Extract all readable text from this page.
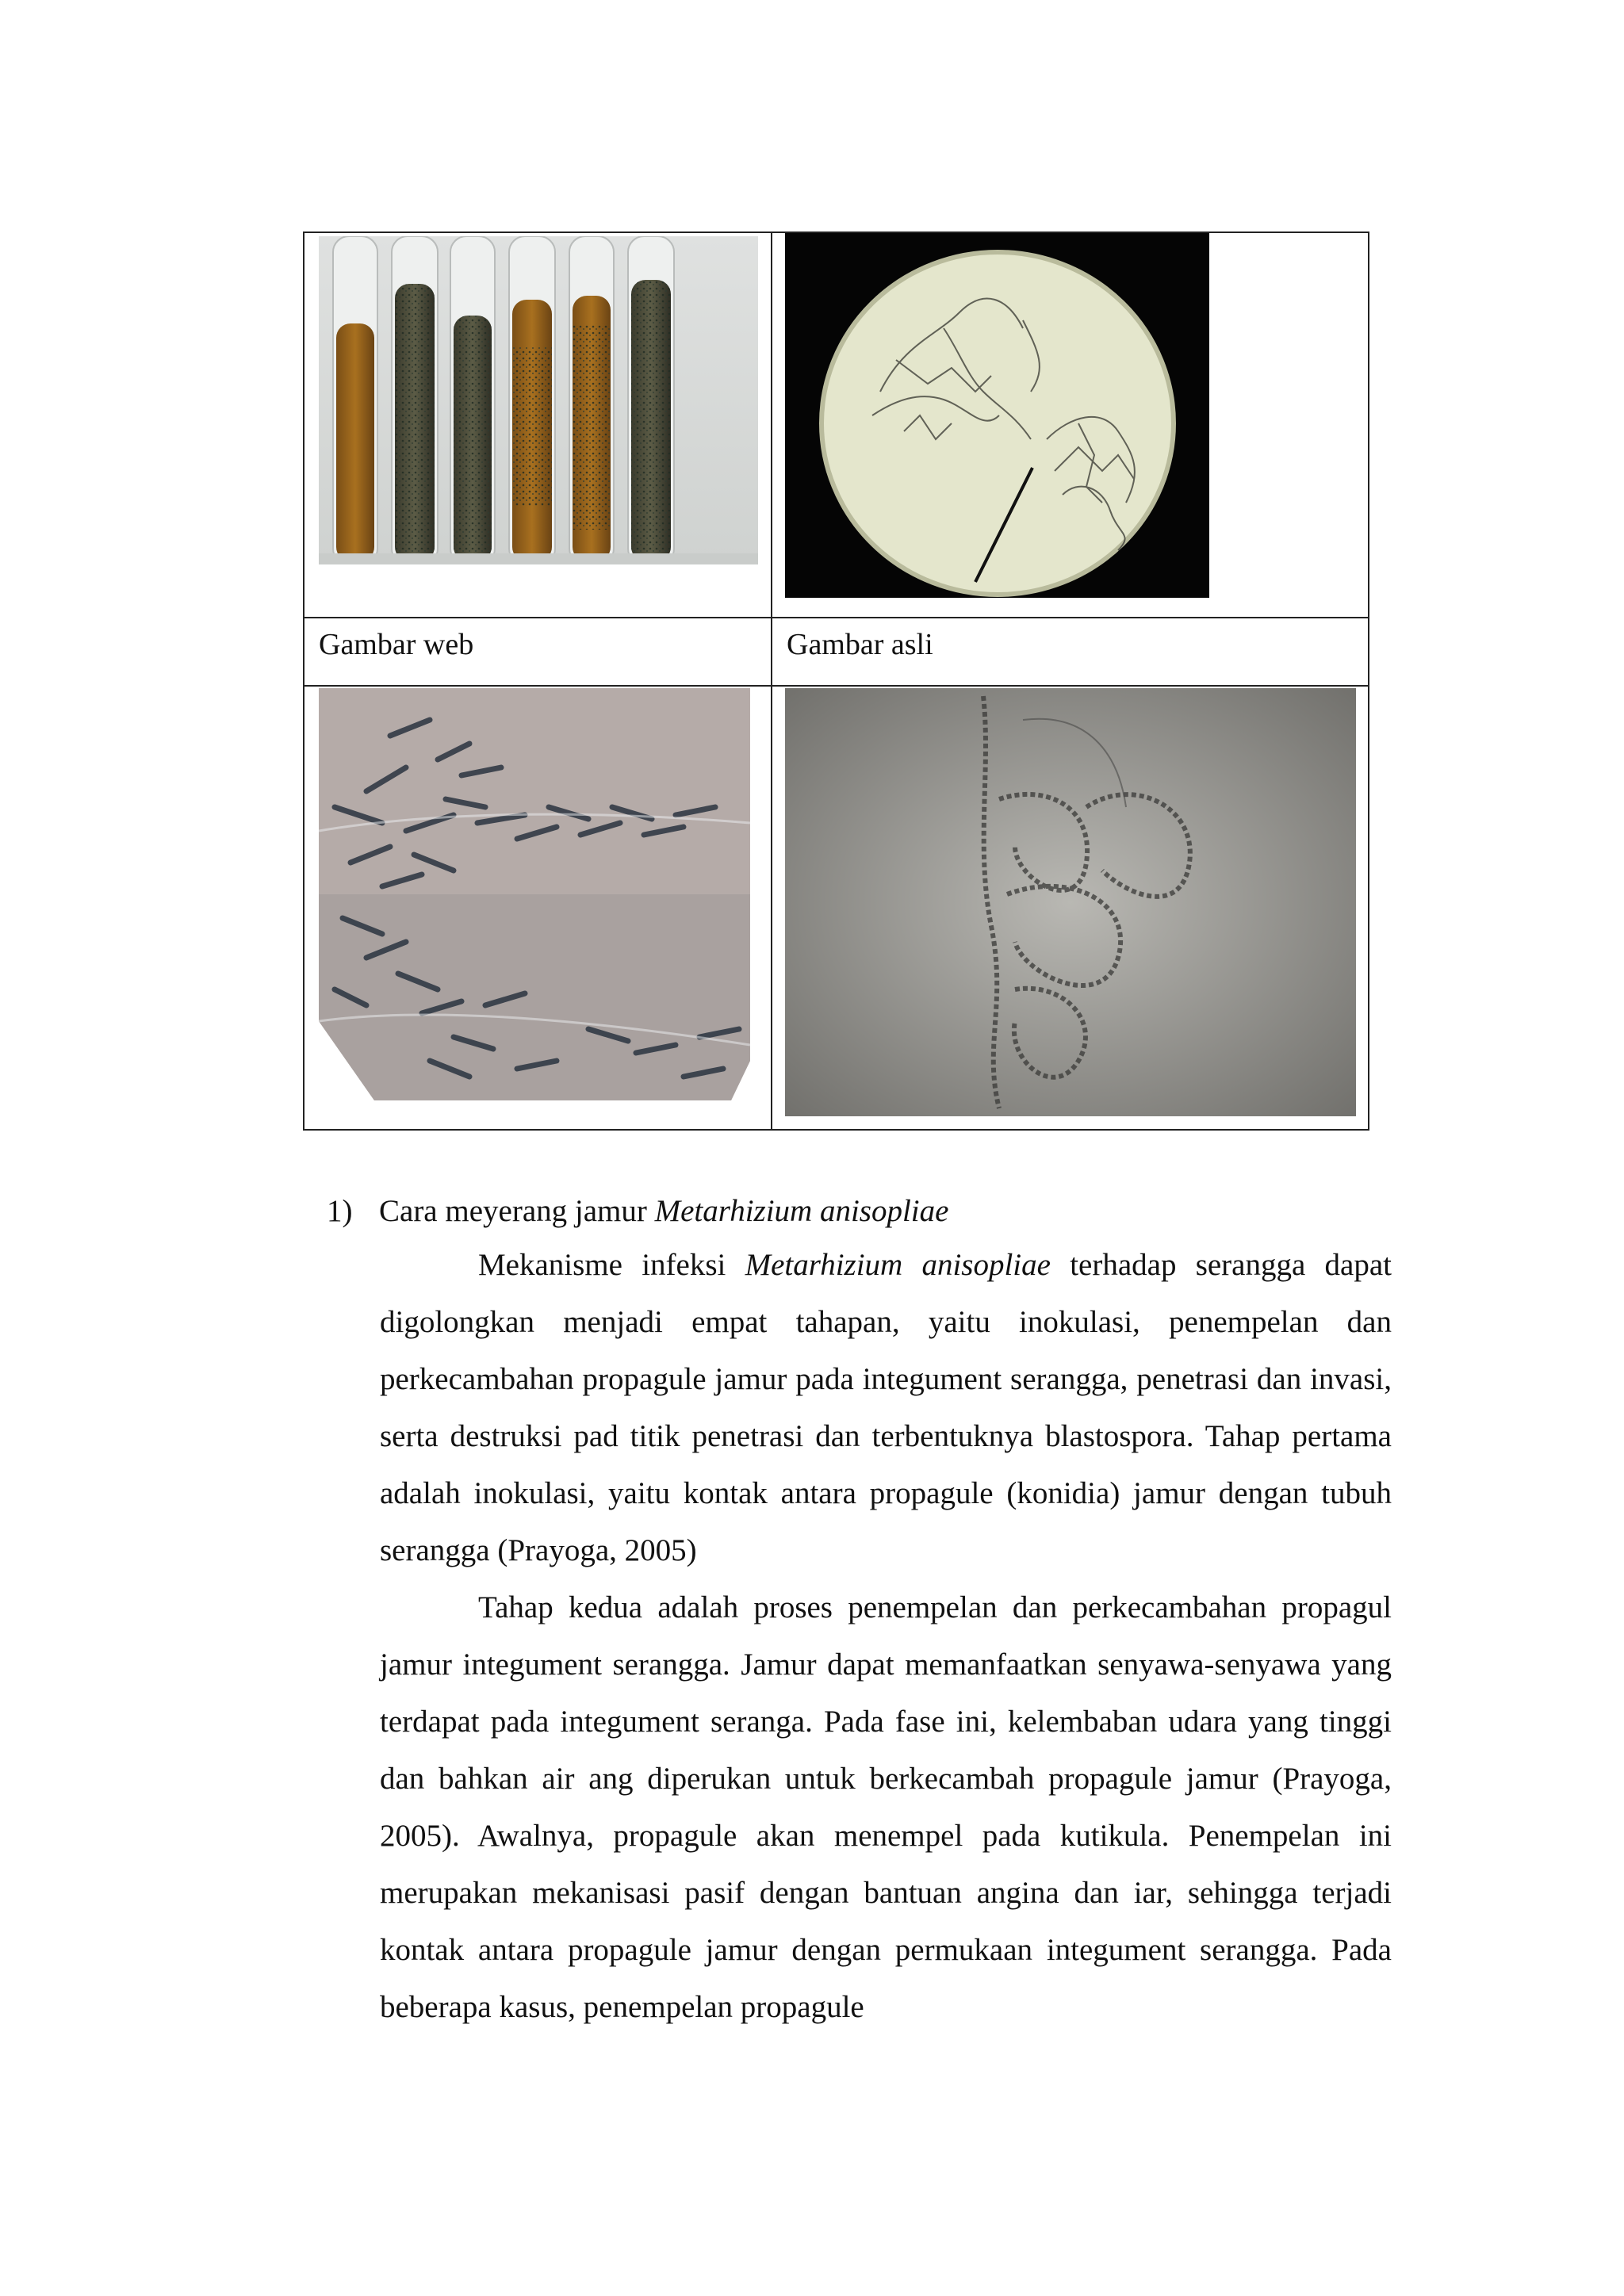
Gambar web	Gambar asli
1) Cara meyerang jamur Metarhizium anisopliae

Mekanisme infeksi Metarhizium anisopliae terhadap serangga dapat digolongkan menjadi empat tahapan, yaitu inokulasi, penempelan dan perkecambahan propagule jamur pada integument serangga, penetrasi dan invasi, serta destruksi pad titik penetrasi dan terbentuknya blastospora. Tahap pertama adalah inokulasi, yaitu kontak antara propagule (konidia) jamur dengan tubuh serangga (Prayoga, 2005)

Tahap kedua adalah proses penempelan dan perkecambahan propagul jamur integument serangga. Jamur dapat memanfaatkan senyawa-senyawa yang terdapat pada integument seranga. Pada fase ini, kelembaban udara yang tinggi dan bahkan air ang diperukan untuk berkecambah propagule jamur (Prayoga, 2005). Awalnya, propagule akan menempel pada kutikula. Penempelan ini merupakan mekanisasi pasif dengan bantuan angina dan iar, sehingga terjadi kontak antara propagule jamur dengan permukaan integument serangga. Pada beberapa kasus, penempelan propagule
